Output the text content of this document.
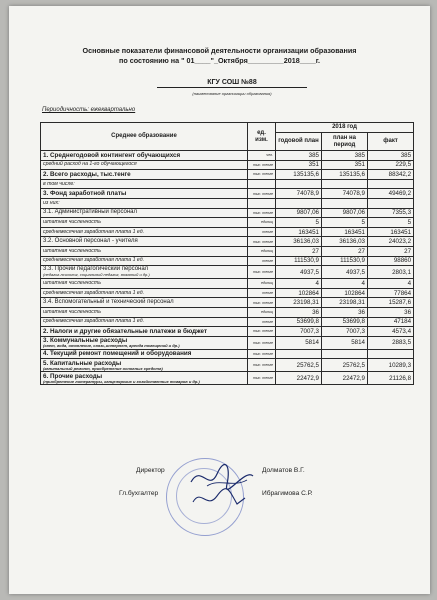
Основные показатели финансовой деятельности организации образования
по состоянию на " 01____"_Октября_________2018____г.
КГУ СОШ №88
(наименование организации образования)
Периодичность: ежеквартально
Среднее образование	ед. изм.	2018 год		
		годовой план	план на период	факт
1. Среднегодовой контингент обучающихся	чел.	385	385	385
средний расход на 1-го обучающегося	тыс. тенге	351	351	229,5
2. Всего расходы, тыс.тенге	тыс. тенге	135135,6	135135,6	88342,2
в том числе:				
3. Фонд заработной платы	тыс. тенге	74078,9	74078,9	49469,2
из них:				
3.1. Административный персонал	тыс. тенге	9807,06	9807,06	7355,3
штатная численность	единиц	5	5	5
среднемесячная заработная плата 1 ед.	тенге	163451	163451	163451
3.2. Основной персонал - учителя	тыс. тенге	36136,03	36136,03	24023,2
штатная численность	единиц	27	27	27
среднемесячная заработная плата 1 ед.	тенге	111530,9	111530,9	98860
3.3. Прочий педагогический персонал
(педагог-психолог, социальный педагог, вожатый и др.)	тыс. тенге	4937,5	4937,5	2803,1
штатная численность	единиц	4	4	4
среднемесячная заработная плата 1 ед.	тенге	102864	102864	77864
3.4. Вспомогательный и технический персонал	тыс. тенге	23198,31	23198,31	15287,6
штатная численность	единиц	36	36	36
среднемесячная заработная плата 1 ед.	тенге	53699,8	53699,8	47184
2. Налоги и другие обязательные платежи в бюджет	тыс. тенге	7007,3	7007,3	4573,4
3. Коммунальные расходы
(свет, вода, отопление, связь,интернет, аренда помещений и др.)	тыс. тенге	5814	5814	2883,5
4. Текущий ремонт помещений и оборудования	тыс. тенге			
5. Капитальные расходы
(капитальный ремонт, приобретение основных средств)	тыс. тенге	25762,5	25762,5	10289,3
6. Прочие расходы
(приобретение литературы, канцелярских и хозяйственных товаров и др.)	тыс. тенге	22472,9	22472,9	21126,8
Директор	Долматов В.Г.
Гл.бухгалтер	Ибрагимова С.Р.
